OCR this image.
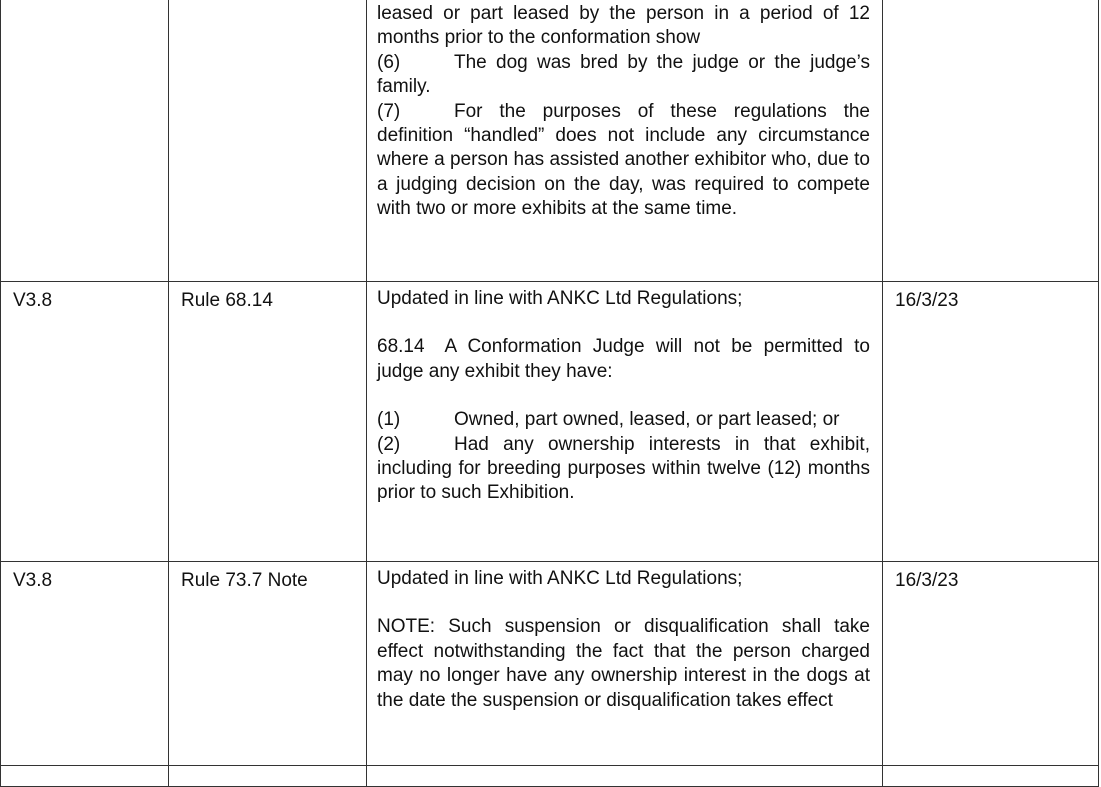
		leased or part leased by the person in a period of 12 months prior to the conformation show

(6) The dog was bred by the judge or the judge’s family.

(7) For the purposes of these regulations the definition “handled” does not include any circumstance where a person has assisted another exhibitor who, due to a judging decision on the day, was required to compete with two or more exhibits at the same time.	

V3.8	Rule 68.14	Updated in line with ANKC Ltd Regulations;

68.14 A Conformation Judge will not be permitted to judge any exhibit they have:

(1) Owned, part owned, leased, or part leased; or

(2) Had any ownership interests in that exhibit, including for breeding purposes within twelve (12) months prior to such Exhibition.	16/3/23
V3.8	Rule 73.7 Note	Updated in line with ANKC Ltd Regulations;

NOTE: Such suspension or disqualification shall take effect notwithstanding the fact that the person charged may no longer have any ownership interest in the dogs at the date the suspension or disqualification takes effect	16/3/23
